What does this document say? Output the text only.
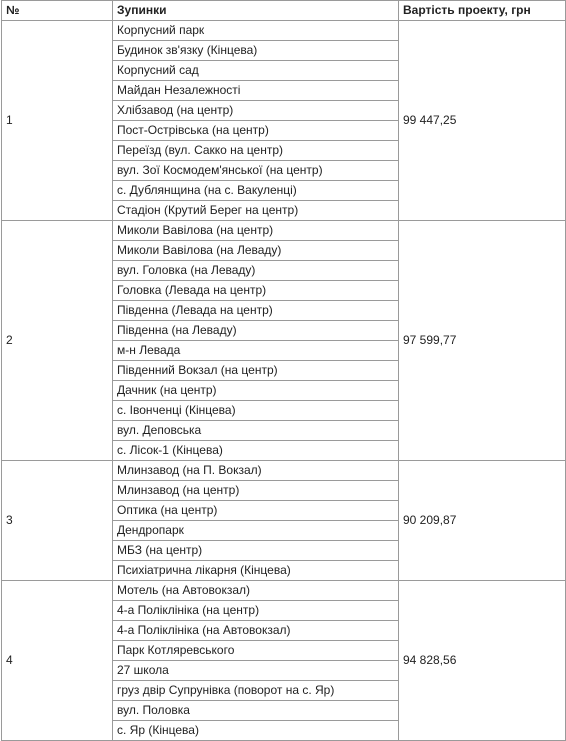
№	Зупинки	Вартість проекту, грн
1	Корпусний парк	99 447,25
	Будинок зв'язку (Кінцева)	
	Корпусний сад	
	Майдан Незалежності	
	Хлібзавод (на центр)	
	Пост-Острівська (на центр)	
	Переїзд (вул. Сакко на центр)	
	вул. Зої Космодем'янської (на центр)	
	с. Дублянщина (на с. Вакуленці)	
	Стадіон (Крутий Берег на центр)	
2	Миколи Вавілова (на центр)	97 599,77
	Миколи Вавілова (на Леваду)	
	вул. Головка (на Леваду)	
	Головка (Левада на центр)	
	Південна (Левада на центр)	
	Південна (на Леваду)	
	м-н Левада	
	Південний Вокзал (на центр)	
	Дачник (на центр)	
	с. Івонченці (Кінцева)	
	вул. Деповська	
	с. Лісок-1 (Кінцева)	
3	Млинзавод (на П. Вокзал)	90 209,87
	Млинзавод (на центр)	
	Оптика (на центр)	
	Дендропарк	
	МБЗ (на центр)	
	Психіатрична лікарня (Кінцева)	
4	Мотель (на Автовокзал)	94 828,56
	4-а Поліклініка (на центр)	
	4-а Поліклініка (на Автовокзал)	
	Парк Котляревського	
	27 школа	
	груз двір Супрунівка (поворот на с. Яр)	
	вул. Половка	
	с. Яр (Кінцева)	
